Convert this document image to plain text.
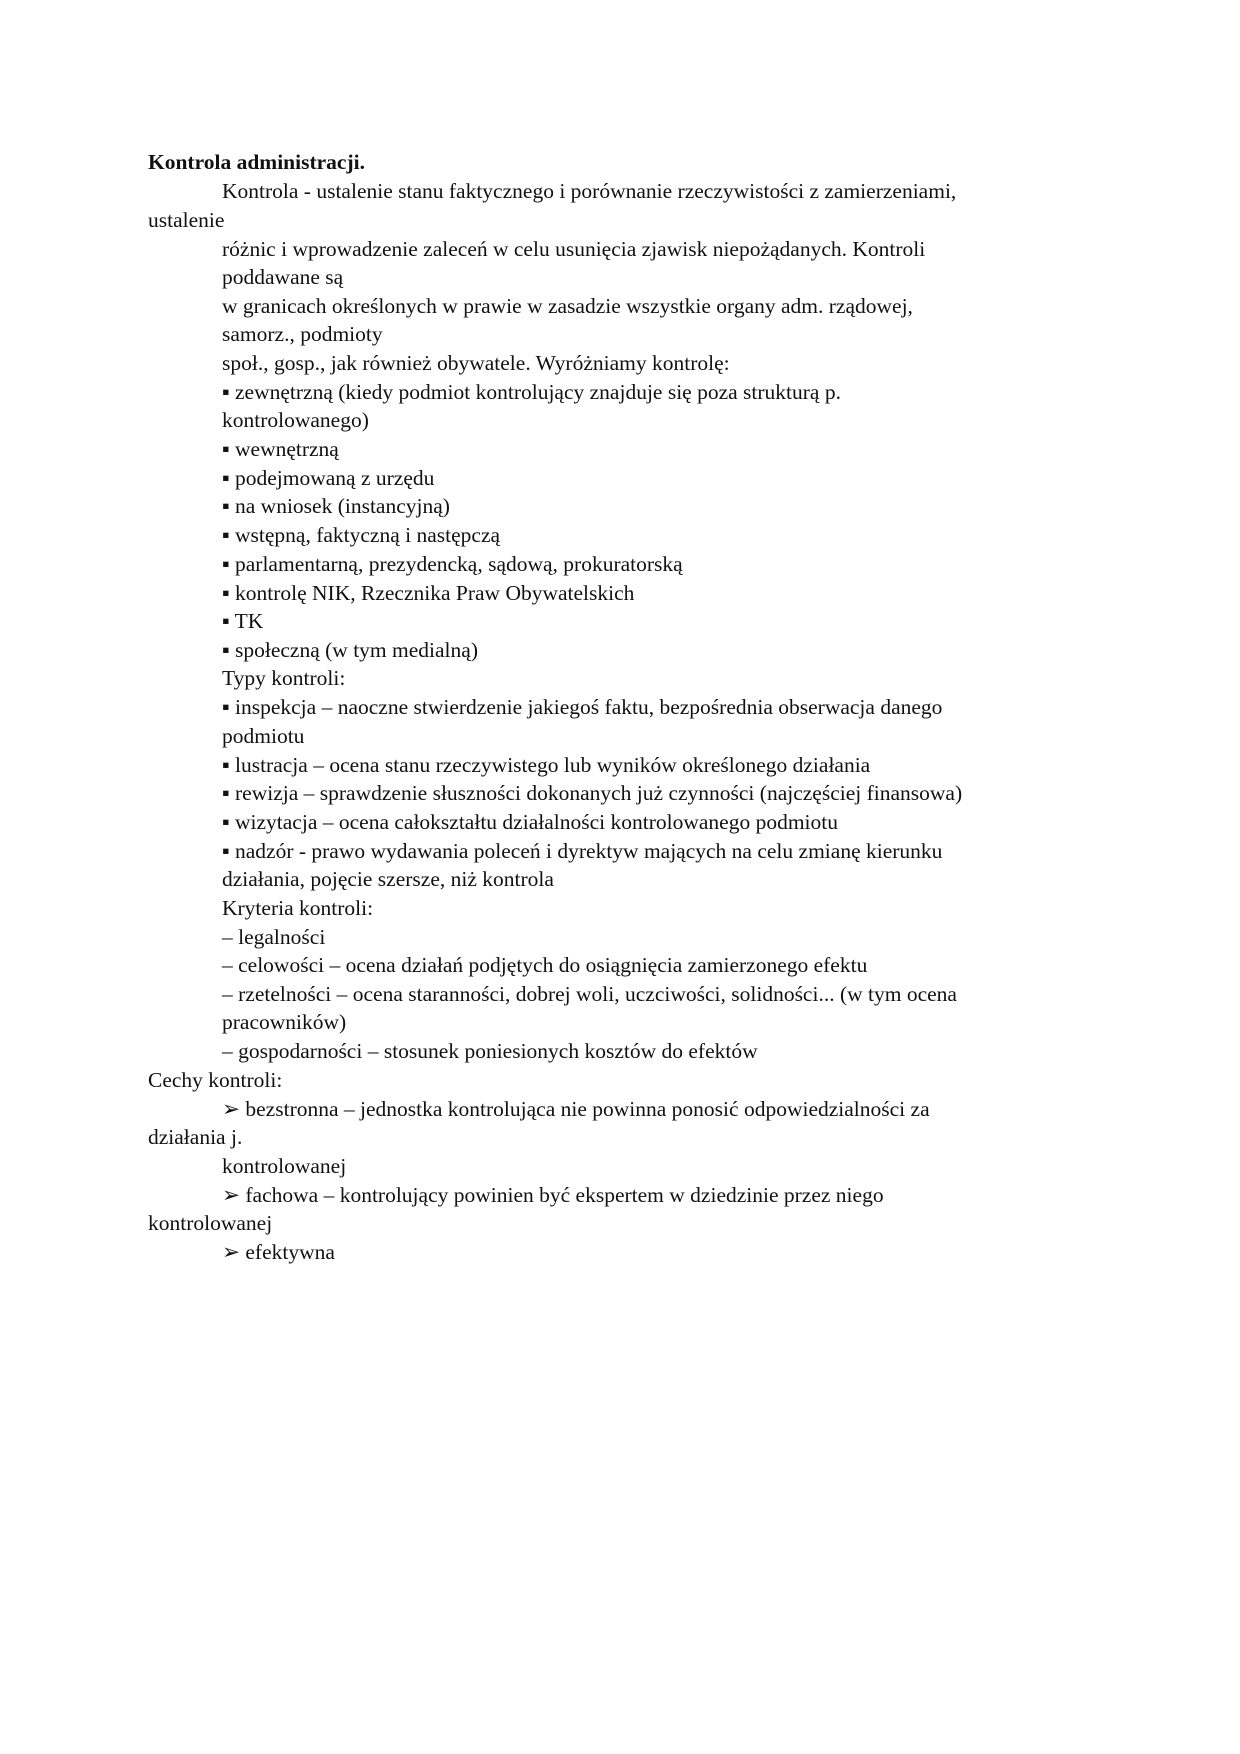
Kontrola administracji.
Kontrola - ustalenie stanu faktycznego i porównanie rzeczywistości z zamierzeniami,
ustalenie
różnic i wprowadzenie zaleceń w celu usunięcia zjawisk niepożądanych. Kontroli
poddawane są
w granicach określonych w prawie w zasadzie wszystkie organy adm. rządowej,
samorz., podmioty
społ., gosp., jak również obywatele. Wyróżniamy kontrolę:
▪ zewnętrzną (kiedy podmiot kontrolujący znajduje się poza strukturą p.
kontrolowanego)
▪ wewnętrzną
▪ podejmowaną z urzędu
▪ na wniosek (instancyjną)
▪ wstępną, faktyczną i następczą
▪ parlamentarną, prezydencką, sądową, prokuratorską
▪ kontrolę NIK, Rzecznika Praw Obywatelskich
▪ TK
▪ społeczną (w tym medialną)
Typy kontroli:
▪ inspekcja – naoczne stwierdzenie jakiegoś faktu, bezpośrednia obserwacja danego
podmiotu
▪ lustracja – ocena stanu rzeczywistego lub wyników określonego działania
▪ rewizja – sprawdzenie słuszności dokonanych już czynności (najczęściej finansowa)
▪ wizytacja – ocena całokształtu działalności kontrolowanego podmiotu
▪ nadzór - prawo wydawania poleceń i dyrektyw mających na celu zmianę kierunku
działania, pojęcie szersze, niż kontrola
Kryteria kontroli:
– legalności
– celowości – ocena działań podjętych do osiągnięcia zamierzonego efektu
– rzetelności – ocena staranności, dobrej woli, uczciwości, solidności... (w tym ocena
pracowników)
– gospodarności – stosunek poniesionych kosztów do efektów
Cechy kontroli:
➢ bezstronna – jednostka kontrolująca nie powinna ponosić odpowiedzialności za
działania j.
kontrolowanej
➢ fachowa – kontrolujący powinien być ekspertem w dziedzinie przez niego
kontrolowanej
➢ efektywna
